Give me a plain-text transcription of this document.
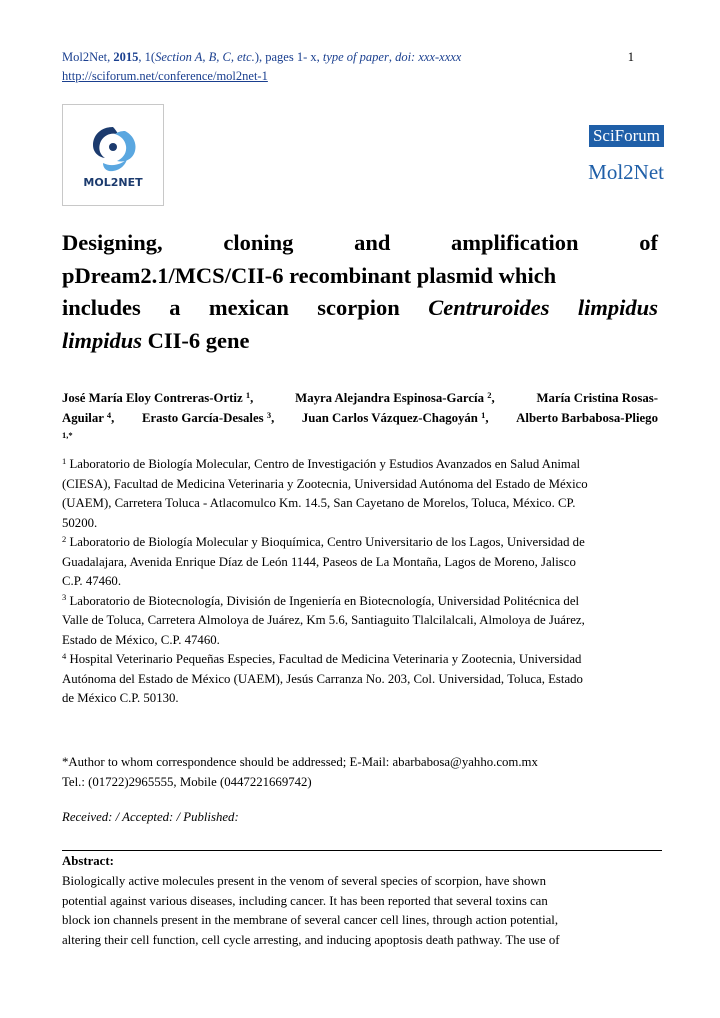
Mol2Net, 2015, 1(Section A, B, C, etc.), pages 1- x, type of paper, doi: xxx-xxxx	1
http://sciforum.net/conference/mol2net-1
MOL2NET
SciForum
Mol2Net
Designing,	cloning	and	amplification	of
pDream2.1/MCS/CII-6 recombinant plasmid which
includes a mexican scorpion Centruroides limpidus
limpidus CII-6 gene
José María Eloy Contreras-Ortiz $^1$,	Mayra Alejandra Espinosa-García $^2$,	María Cristina Rosas-
Aguilar $^4$, Erasto García-Desales $^3$, Juan Carlos Vázquez-Chagoyán $^1$, Alberto Barbabosa-Pliego
$^{1,*}$
$^1$ Laboratorio de Biología Molecular, Centro de Investigación y Estudios Avanzados en Salud Animal
(CIESA), Facultad de Medicina Veterinaria y Zootecnia, Universidad Autónoma del Estado de México
(UAEM), Carretera Toluca - Atlacomulco Km. 14.5, San Cayetano de Morelos, Toluca, México. CP.
50200.
$^2$ Laboratorio de Biología Molecular y Bioquímica, Centro Universitario de los Lagos, Universidad de
Guadalajara, Avenida Enrique Díaz de León 1144, Paseos de La Montaña, Lagos de Moreno, Jalisco
C.P. 47460.
$^3$ Laboratorio de Biotecnología, División de Ingeniería en Biotecnología, Universidad Politécnica del
Valle de Toluca, Carretera Almoloya de Juárez, Km 5.6, Santiaguito Tlalcilalcali, Almoloya de Juárez,
Estado de México, C.P. 47460.
$^4$ Hospital Veterinario Pequeñas Especies, Facultad de Medicina Veterinaria y Zootecnia, Universidad
Autónoma del Estado de México (UAEM), Jesús Carranza No. 203, Col. Universidad, Toluca, Estado
de México C.P. 50130.
*Author to whom correspondence should be addressed; E-Mail: abarbabosa@yahho.com.mx
Tel.: (01722)2965555, Mobile (0447221669742)
Received: / Accepted: / Published:
Abstract:
Biologically active molecules present in the venom of several species of scorpion, have shown
potential against various diseases, including cancer. It has been reported that several toxins can
block ion channels present in the membrane of several cancer cell lines, through action potential,
altering their cell function, cell cycle arresting, and inducing apoptosis death pathway. The use of
